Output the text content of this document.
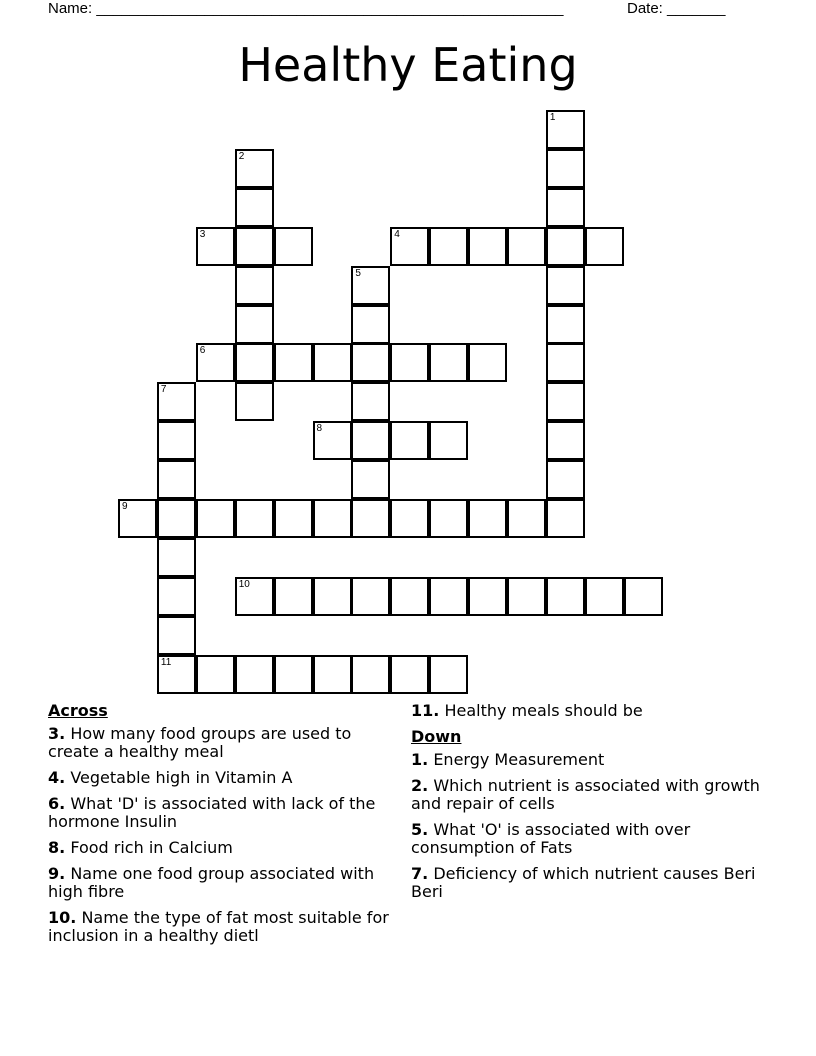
Name: ________________________________________________________	Date: _______
Healthy Eating
2
3	4
5
6
7
8
10
11
1
9
Across
3. How many food groups are used to create a healthy meal
4. Vegetable high in Vitamin A
6. What 'D' is associated with lack of the hormone Insulin
8. Food rich in Calcium
9. Name one food group associated with high fibre
10. Name the type of fat most suitable for inclusion in a healthy dietl
11. Healthy meals should be
Down
1. Energy Measurement
2. Which nutrient is associated with growth and repair of cells
5. What 'O' is associated with over consumption of Fats
7. Deficiency of which nutrient causes Beri Beri
